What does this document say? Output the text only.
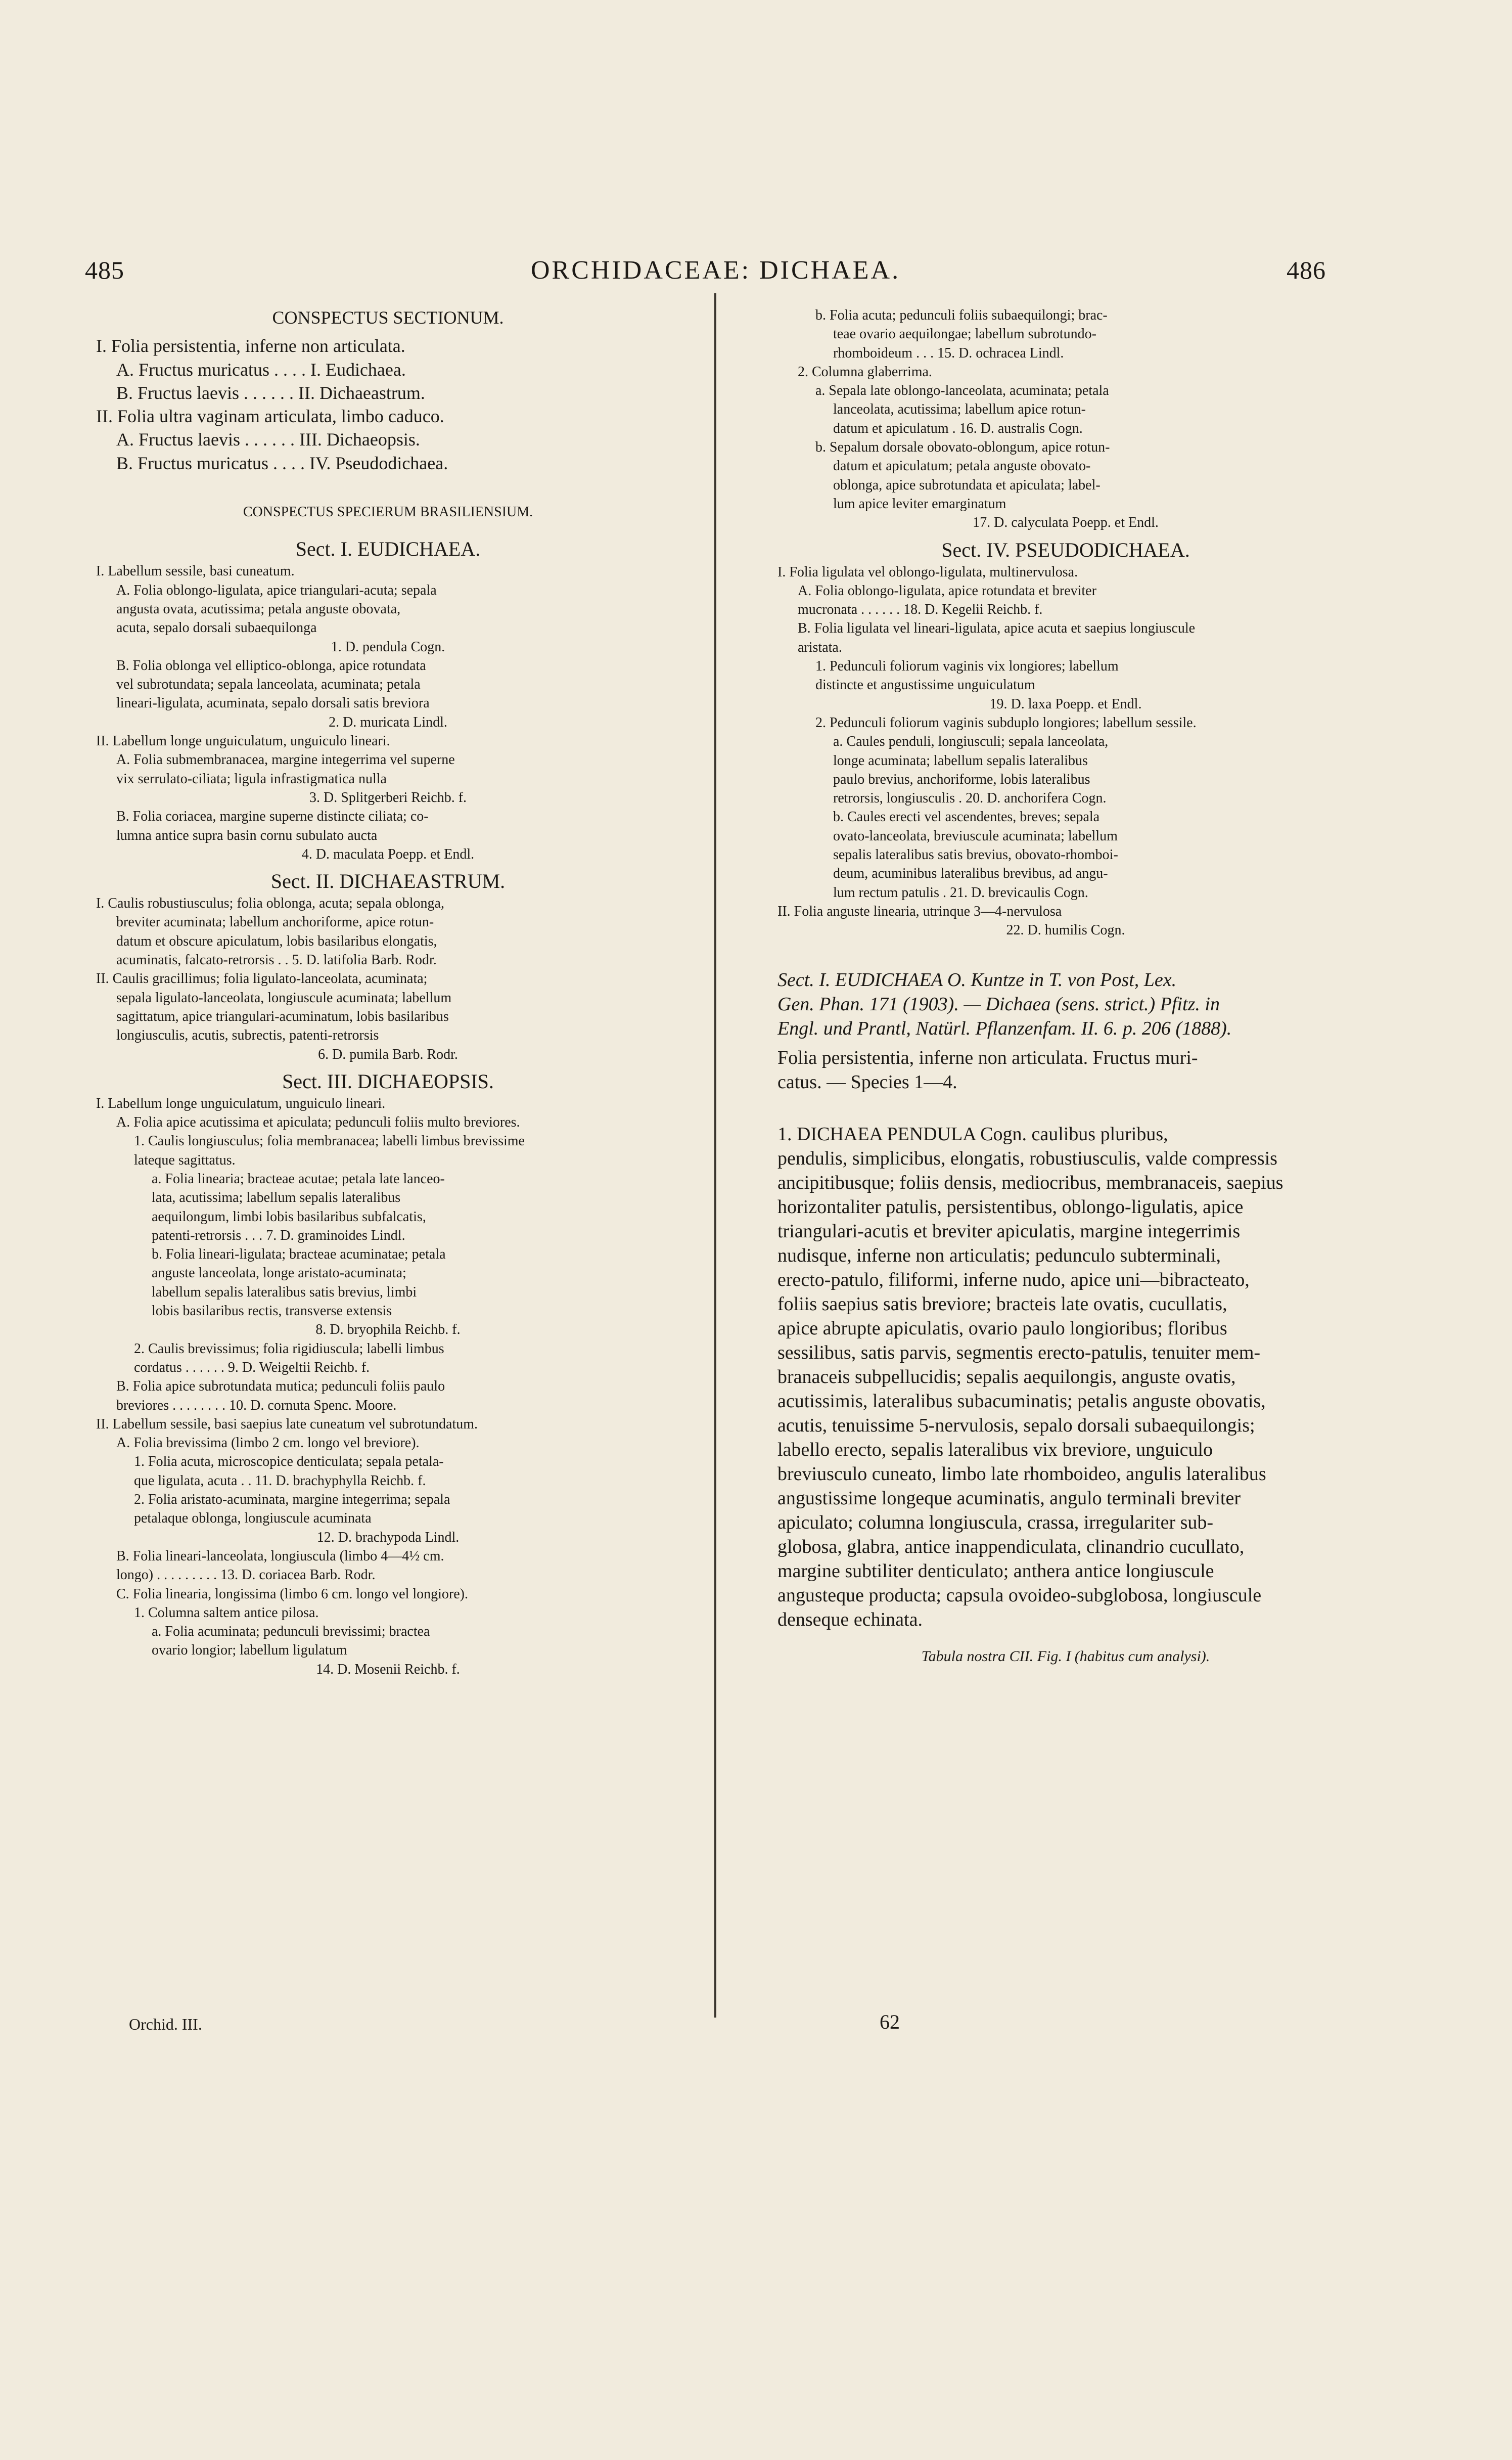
485	ORCHIDACEAE: DICHAEA.	486
CONSPECTUS SECTIONUM.
I. Folia persistentia, inferne non articulata.
A. Fructus muricatus . . . . I. Eudichaea.
B. Fructus laevis . . . . . . II. Dichaeastrum.
II. Folia ultra vaginam articulata, limbo caduco.
A. Fructus laevis . . . . . . III. Dichaeopsis.
B. Fructus muricatus . . . . IV. Pseudodichaea.
CONSPECTUS SPECIERUM BRASILIENSIUM.
Sect. I. EUDICHAEA.
I. Labellum sessile, basi cuneatum.
A. Folia oblongo-ligulata, apice triangulari-acuta; sepala
angusta ovata, acutissima; petala anguste obovata,
acuta, sepalo dorsali subaequilonga
1. D. pendula Cogn.
B. Folia oblonga vel elliptico-oblonga, apice rotundata
vel subrotundata; sepala lanceolata, acuminata; petala
lineari-ligulata, acuminata, sepalo dorsali satis breviora
2. D. muricata Lindl.
II. Labellum longe unguiculatum, unguiculo lineari.
A. Folia submembranacea, margine integerrima vel superne
vix serrulato-ciliata; ligula infrastigmatica nulla
3. D. Splitgerberi Reichb. f.
B. Folia coriacea, margine superne distincte ciliata; co-
lumna antice supra basin cornu subulato aucta
4. D. maculata Poepp. et Endl.
Sect. II. DICHAEASTRUM.
I. Caulis robustiusculus; folia oblonga, acuta; sepala oblonga,
breviter acuminata; labellum anchoriforme, apice rotun-
datum et obscure apiculatum, lobis basilaribus elongatis,
acuminatis, falcato-retrorsis . . 5. D. latifolia Barb. Rodr.
II. Caulis gracillimus; folia ligulato-lanceolata, acuminata;
sepala ligulato-lanceolata, longiuscule acuminata; labellum
sagittatum, apice triangulari-acuminatum, lobis basilaribus
longiusculis, acutis, subrectis, patenti-retrorsis
6. D. pumila Barb. Rodr.
Sect. III. DICHAEOPSIS.
I. Labellum longe unguiculatum, unguiculo lineari.
A. Folia apice acutissima et apiculata; pedunculi foliis multo breviores.
1. Caulis longiusculus; folia membranacea; labelli limbus brevissime
lateque sagittatus.
a. Folia linearia; bracteae acutae; petala late lanceo-
lata, acutissima; labellum sepalis lateralibus
aequilongum, limbi lobis basilaribus subfalcatis,
patenti-retrorsis . . . 7. D. graminoides Lindl.
b. Folia lineari-ligulata; bracteae acuminatae; petala
anguste lanceolata, longe aristato-acuminata;
labellum sepalis lateralibus satis brevius, limbi
lobis basilaribus rectis, transverse extensis
8. D. bryophila Reichb. f.
2. Caulis brevissimus; folia rigidiuscula; labelli limbus
cordatus . . . . . . 9. D. Weigeltii Reichb. f.
B. Folia apice subrotundata mutica; pedunculi foliis paulo
breviores . . . . . . . . 10. D. cornuta Spenc. Moore.
II. Labellum sessile, basi saepius late cuneatum vel subrotundatum.
A. Folia brevissima (limbo 2 cm. longo vel breviore).
1. Folia acuta, microscopice denticulata; sepala petala-
que ligulata, acuta . . 11. D. brachyphylla Reichb. f.
2. Folia aristato-acuminata, margine integerrima; sepala
petalaque oblonga, longiuscule acuminata
12. D. brachypoda Lindl.
B. Folia lineari-lanceolata, longiuscula (limbo 4—4½ cm.
longo) . . . . . . . . . 13. D. coriacea Barb. Rodr.
C. Folia linearia, longissima (limbo 6 cm. longo vel longiore).
1. Columna saltem antice pilosa.
a. Folia acuminata; pedunculi brevissimi; bractea
ovario longior; labellum ligulatum
14. D. Mosenii Reichb. f.
b. Folia acuta; pedunculi foliis subaequilongi; brac-
teae ovario aequilongae; labellum subrotundo-
rhomboideum . . . 15. D. ochracea Lindl.
2. Columna glaberrima.
a. Sepala late oblongo-lanceolata, acuminata; petala
lanceolata, acutissima; labellum apice rotun-
datum et apiculatum . 16. D. australis Cogn.
b. Sepalum dorsale obovato-oblongum, apice rotun-
datum et apiculatum; petala anguste obovato-
oblonga, apice subrotundata et apiculata; label-
lum apice leviter emarginatum
17. D. calyculata Poepp. et Endl.
Sect. IV. PSEUDODICHAEA.
I. Folia ligulata vel oblongo-ligulata, multinervulosa.
A. Folia oblongo-ligulata, apice rotundata et breviter
mucronata . . . . . . 18. D. Kegelii Reichb. f.
B. Folia ligulata vel lineari-ligulata, apice acuta et saepius longiuscule
aristata.
1. Pedunculi foliorum vaginis vix longiores; labellum
distincte et angustissime unguiculatum
19. D. laxa Poepp. et Endl.
2. Pedunculi foliorum vaginis subduplo longiores; labellum sessile.
a. Caules penduli, longiusculi; sepala lanceolata,
longe acuminata; labellum sepalis lateralibus
paulo brevius, anchoriforme, lobis lateralibus
retrorsis, longiusculis . 20. D. anchorifera Cogn.
b. Caules erecti vel ascendentes, breves; sepala
ovato-lanceolata, breviuscule acuminata; labellum
sepalis lateralibus satis brevius, obovato-rhomboi-
deum, acuminibus lateralibus brevibus, ad angu-
lum rectum patulis . 21. D. brevicaulis Cogn.
II. Folia anguste linearia, utrinque 3—4-nervulosa
22. D. humilis Cogn.
Sect. I. EUDICHAEA O. Kuntze in T. von Post, Lex.
Gen. Phan. 171 (1903). — Dichaea (sens. strict.) Pfitz. in
Engl. und Prantl, Natürl. Pflanzenfam. II. 6. p. 206 (1888).
Folia persistentia, inferne non articulata. Fructus muri-
catus. — Species 1—4.
1. DICHAEA PENDULA Cogn. caulibus pluribus,
pendulis, simplicibus, elongatis, robustiusculis, valde compressis
ancipitibusque; foliis densis, mediocribus, membranaceis, saepius
horizontaliter patulis, persistentibus, oblongo-ligulatis, apice
triangulari-acutis et breviter apiculatis, margine integerrimis
nudisque, inferne non articulatis; pedunculo subterminali,
erecto-patulo, filiformi, inferne nudo, apice uni—bibracteato,
foliis saepius satis breviore; bracteis late ovatis, cucullatis,
apice abrupte apiculatis, ovario paulo longioribus; floribus
sessilibus, satis parvis, segmentis erecto-patulis, tenuiter mem-
branaceis subpellucidis; sepalis aequilongis, anguste ovatis,
acutissimis, lateralibus subacuminatis; petalis anguste obovatis,
acutis, tenuissime 5-nervulosis, sepalo dorsali subaequilongis;
labello erecto, sepalis lateralibus vix breviore, unguiculo
breviusculo cuneato, limbo late rhomboideo, angulis lateralibus
angustissime longeque acuminatis, angulo terminali breviter
apiculato; columna longiuscula, crassa, irregulariter sub-
globosa, glabra, antice inappendiculata, clinandrio cucullato,
margine subtiliter denticulato; anthera antice longiuscule
angusteque producta; capsula ovoideo-subglobosa, longiuscule
denseque echinata.
Tabula nostra CII. Fig. I (habitus cum analysi).
Orchid. III.	62
